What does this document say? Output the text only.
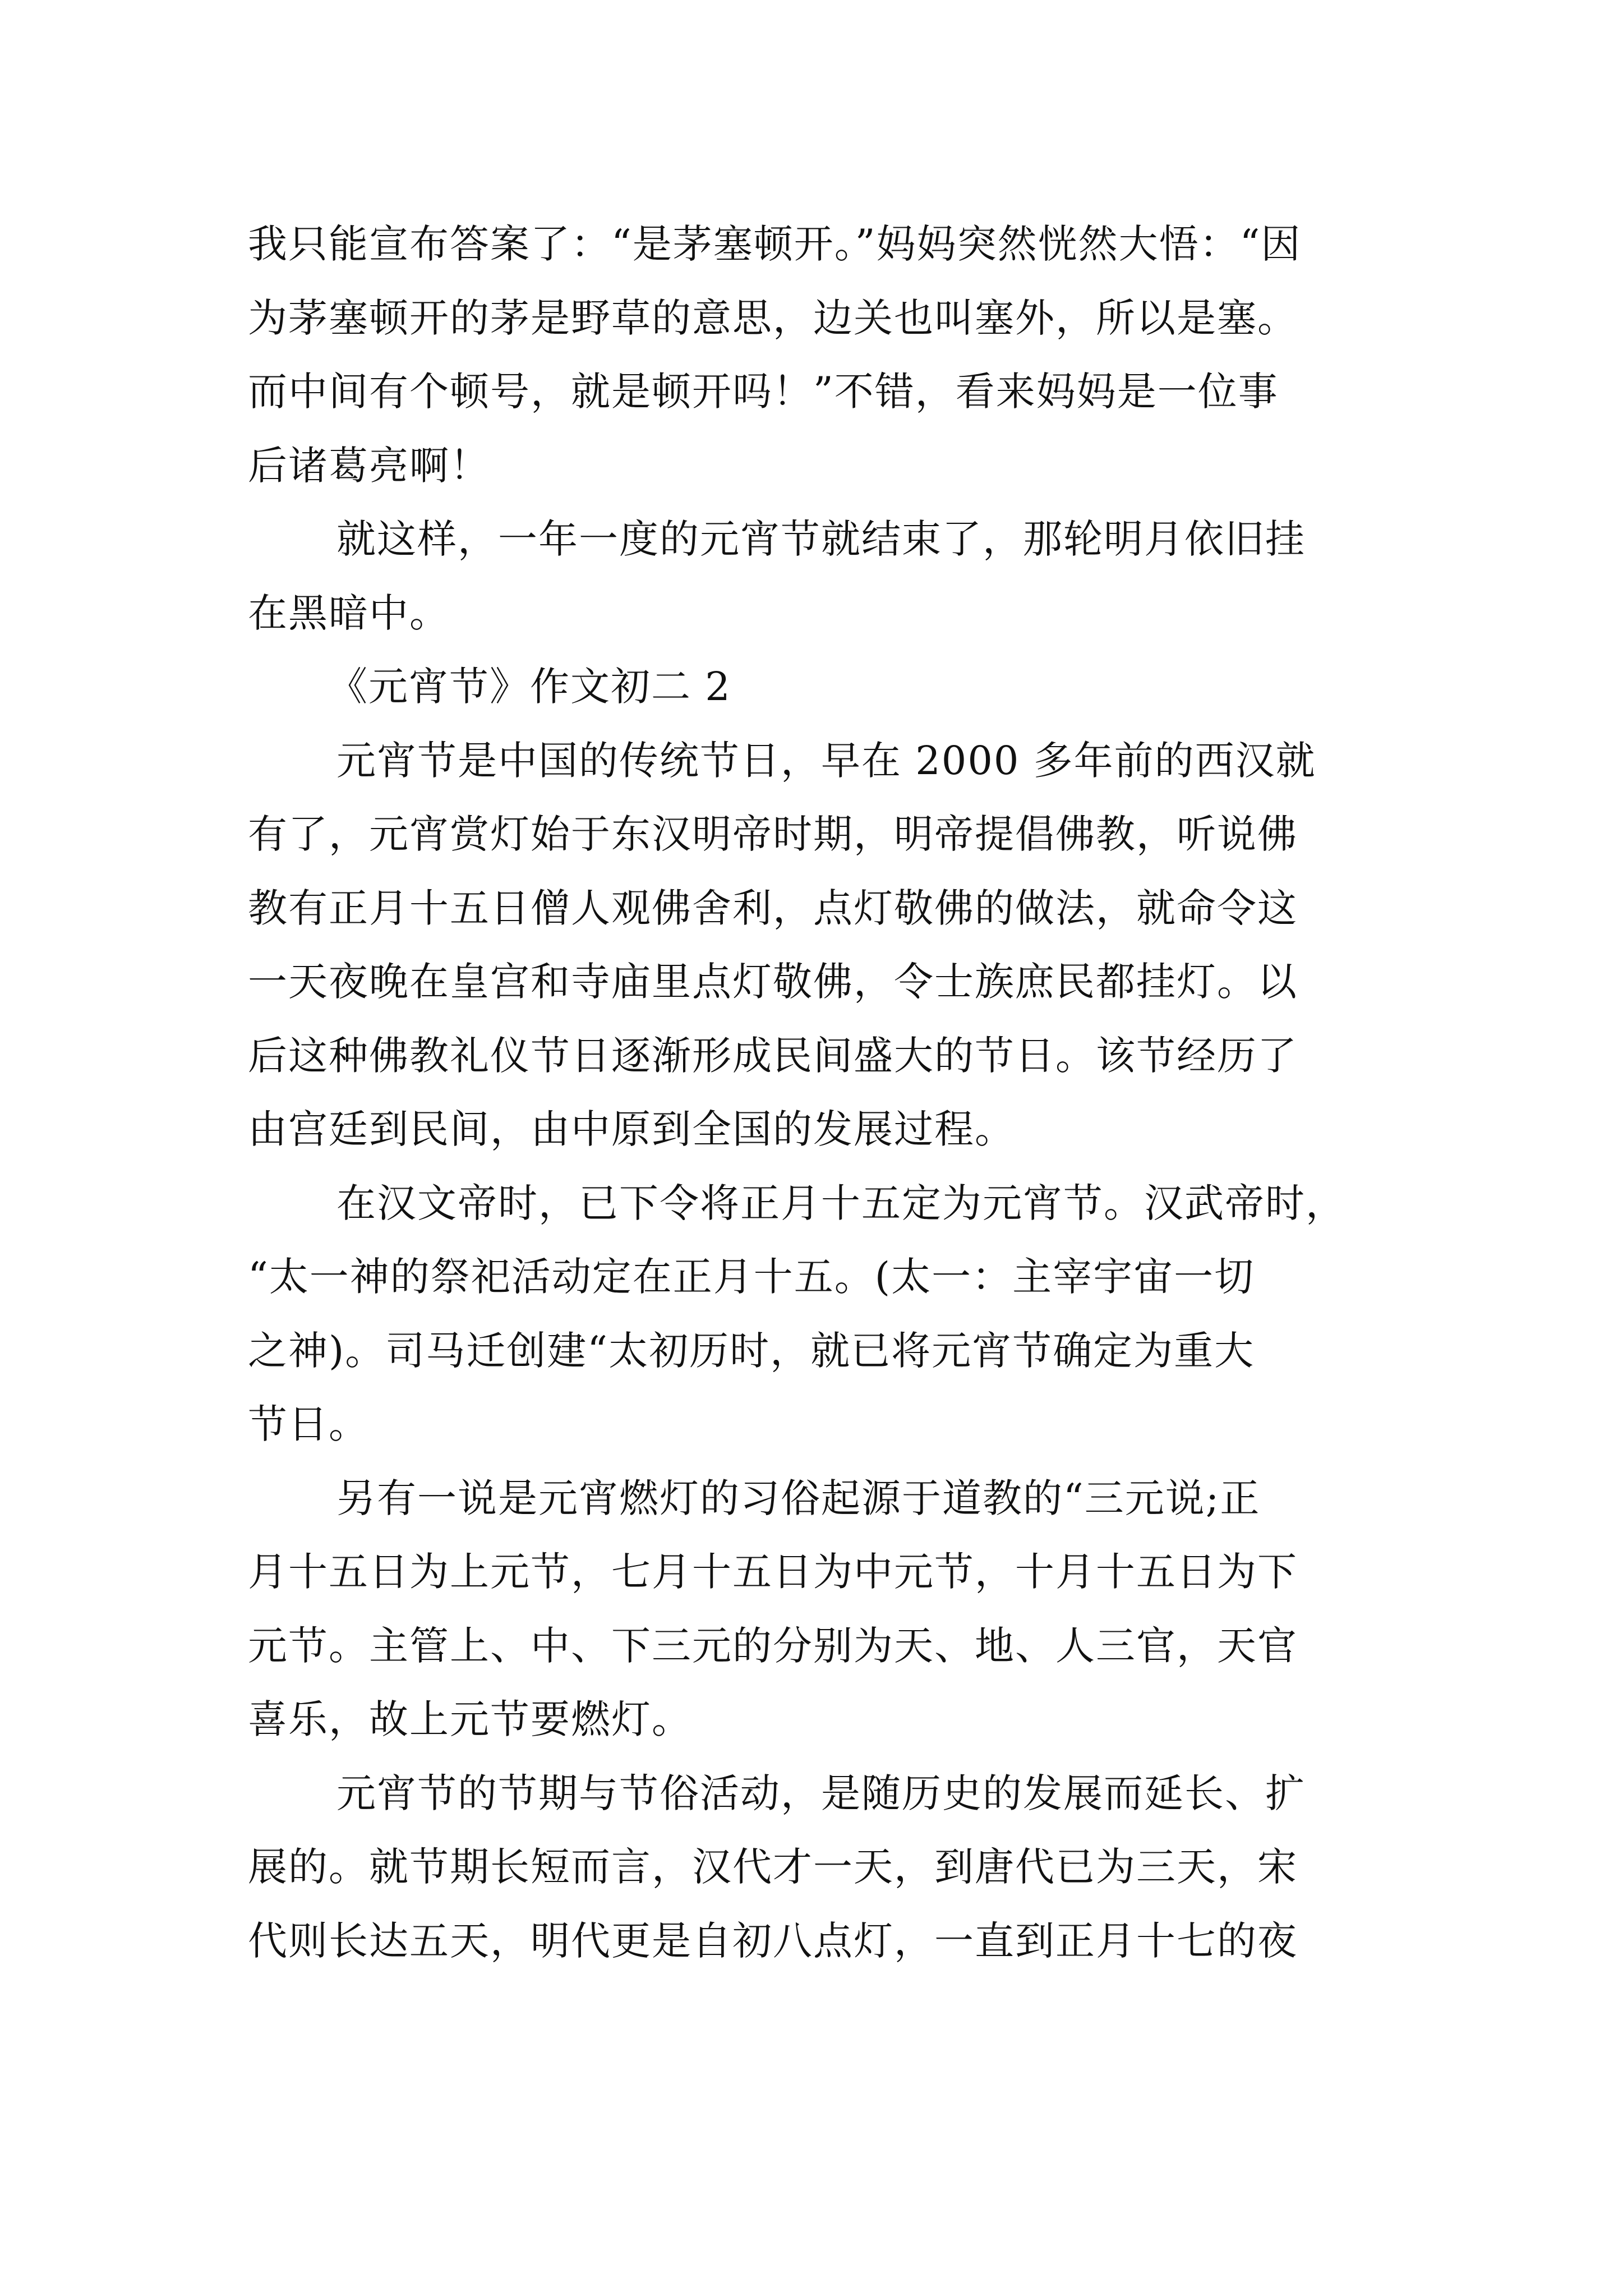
我只能宣布答案了：“是茅塞顿开。”妈妈突然恍然大悟：“因
为茅塞顿开的茅是野草的意思，边关也叫塞外，所以是塞。
而中间有个顿号，就是顿开吗！”不错，看来妈妈是一位事
后诸葛亮啊！
就这样，一年一度的元宵节就结束了，那轮明月依旧挂
在黑暗中。
《元宵节》作文初二 2
元宵节是中国的传统节日，早在 2000 多年前的西汉就
有了，元宵赏灯始于东汉明帝时期，明帝提倡佛教，听说佛
教有正月十五日僧人观佛舍利，点灯敬佛的做法，就命令这
一天夜晚在皇宫和寺庙里点灯敬佛，令士族庶民都挂灯。以
后这种佛教礼仪节日逐渐形成民间盛大的节日。该节经历了
由宫廷到民间，由中原到全国的发展过程。
在汉文帝时，已下令将正月十五定为元宵节。汉武帝时，
“太一神的祭祀活动定在正月十五。(太一：主宰宇宙一切
之神)。司马迁创建“太初历时，就已将元宵节确定为重大
节日。
另有一说是元宵燃灯的习俗起源于道教的“三元说;正
月十五日为上元节，七月十五日为中元节，十月十五日为下
元节。主管上、中、下三元的分别为天、地、人三官，天官
喜乐，故上元节要燃灯。
元宵节的节期与节俗活动，是随历史的发展而延长、扩
展的。就节期长短而言，汉代才一天，到唐代已为三天，宋
代则长达五天，明代更是自初八点灯，一直到正月十七的夜
